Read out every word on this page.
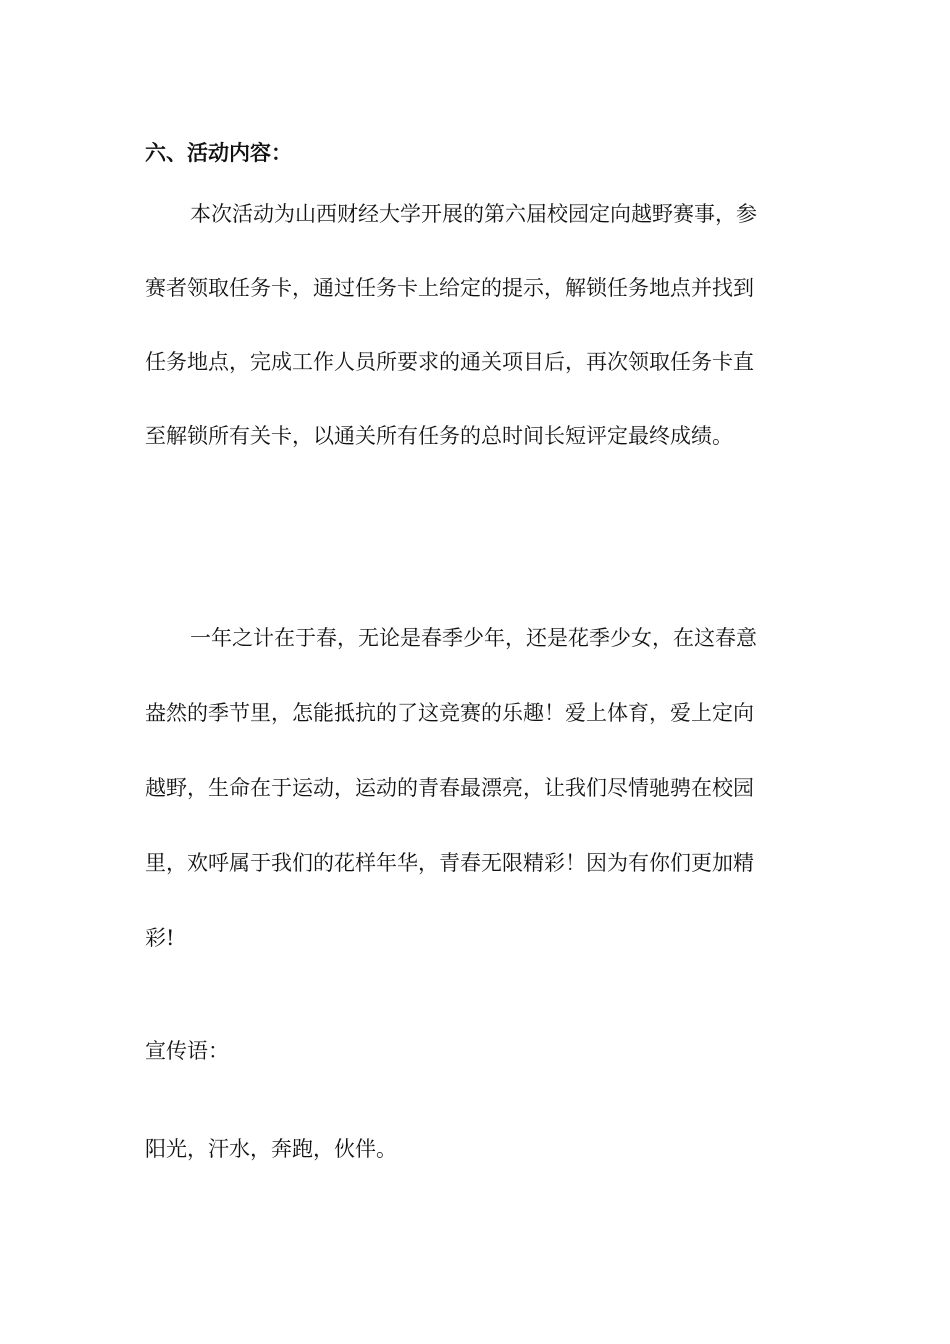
六、活动内容：
本次活动为山西财经大学开展的第六届校园定向越野赛事，参
赛者领取任务卡，通过任务卡上给定的提示，解锁任务地点并找到
任务地点，完成工作人员所要求的通关项目后，再次领取任务卡直
至解锁所有关卡，以通关所有任务的总时间长短评定最终成绩。
一年之计在于春，无论是春季少年，还是花季少女，在这春意
盎然的季节里，怎能抵抗的了这竞赛的乐趣！爱上体育，爱上定向
越野，生命在于运动，运动的青春最漂亮，让我们尽情驰骋在校园
里，欢呼属于我们的花样年华，青春无限精彩！因为有你们更加精
彩!

宣传语：

阳光，汗水，奔跑，伙伴。
